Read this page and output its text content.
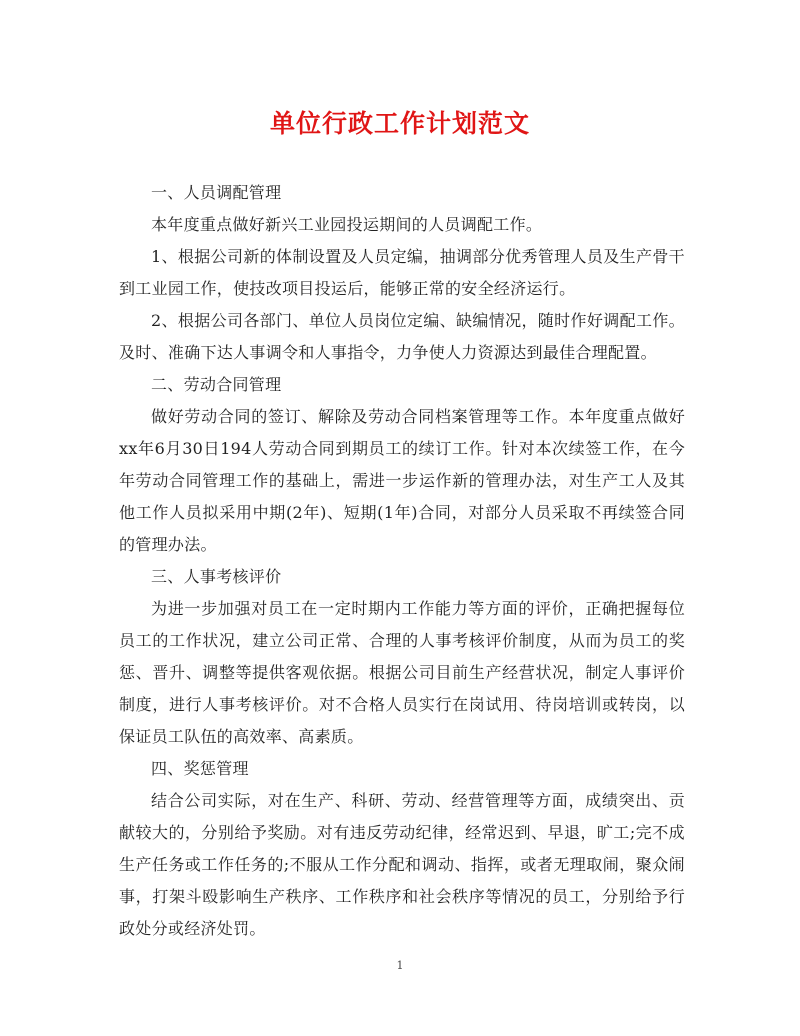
单位行政工作计划范文

一、人员调配管理

本年度重点做好新兴工业园投运期间的人员调配工作。

1、根据公司新的体制设置及人员定编，抽调部分优秀管理人员及生产骨干到工业园工作，使技改项目投运后，能够正常的安全经济运行。

2、根据公司各部门、单位人员岗位定编、缺编情况，随时作好调配工作。及时、准确下达人事调令和人事指令，力争使人力资源达到最佳合理配置。

二、劳动合同管理

做好劳动合同的签订、解除及劳动合同档案管理等工作。本年度重点做好xx年6月30日194人劳动合同到期员工的续订工作。针对本次续签工作，在今年劳动合同管理工作的基础上，需进一步运作新的管理办法，对生产工人及其他工作人员拟采用中期(2年)、短期(1年)合同，对部分人员采取不再续签合同的管理办法。

三、人事考核评价

为进一步加强对员工在一定时期内工作能力等方面的评价，正确把握每位员工的工作状况，建立公司正常、合理的人事考核评价制度，从而为员工的奖惩、晋升、调整等提供客观依据。根据公司目前生产经营状况，制定人事评价制度，进行人事考核评价。对不合格人员实行在岗试用、待岗培训或转岗，以保证员工队伍的高效率、高素质。

四、奖惩管理

结合公司实际，对在生产、科研、劳动、经营管理等方面，成绩突出、贡献较大的，分别给予奖励。对有违反劳动纪律，经常迟到、早退，旷工;完不成生产任务或工作任务的;不服从工作分配和调动、指挥，或者无理取闹，聚众闹事，打架斗殴影响生产秩序、工作秩序和社会秩序等情况的员工，分别给予行政处分或经济处罚。

1
